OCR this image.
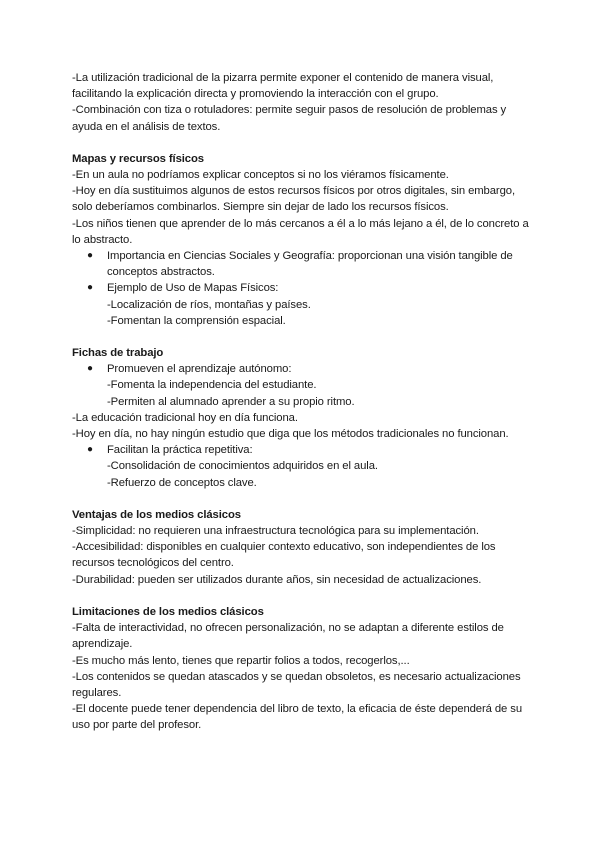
-La utilización tradicional de la pizarra permite exponer el contenido de manera visual, facilitando la explicación directa y promoviendo la interacción con el grupo.

-Combinación con tiza o rotuladores: permite seguir pasos de resolución de problemas y ayuda en el análisis de textos.

Mapas y recursos físicos

-En un aula no podríamos explicar conceptos si no los viéramos físicamente.

-Hoy en día sustituimos algunos de estos recursos físicos por otros digitales, sin embargo, solo deberíamos combinarlos. Siempre sin dejar de lado los recursos físicos.

-Los niños tienen que aprender de lo más cercanos a él a lo más lejano a él, de lo concreto a lo abstracto.

● Importancia en Ciencias Sociales y Geografía: proporcionan una visión tangible de conceptos abstractos.
● Ejemplo de Uso de Mapas Físicos:

-Localización de ríos, montañas y países.

-Fomentan la comprensión espacial.

Fichas de trabajo

● Promueven el aprendizaje autónomo:

-Fomenta la independencia del estudiante.

-Permiten al alumnado aprender a su propio ritmo.

-La educación tradicional hoy en día funciona.

-Hoy en día, no hay ningún estudio que diga que los métodos tradicionales no funcionan.

● Facilitan la práctica repetitiva:

-Consolidación de conocimientos adquiridos en el aula.

-Refuerzo de conceptos clave.

Ventajas de los medios clásicos

-Simplicidad: no requieren una infraestructura tecnológica para su implementación.

-Accesibilidad: disponibles en cualquier contexto educativo, son independientes de los recursos tecnológicos del centro.

-Durabilidad: pueden ser utilizados durante años, sin necesidad de actualizaciones.

Limitaciones de los medios clásicos

-Falta de interactividad, no ofrecen personalización, no se adaptan a diferente estilos de aprendizaje.

-Es mucho más lento, tienes que repartir folios a todos, recogerlos,...

-Los contenidos se quedan atascados y se quedan obsoletos, es necesario actualizaciones regulares.

-El docente puede tener dependencia del libro de texto, la eficacia de éste dependerá de su uso por parte del profesor.
